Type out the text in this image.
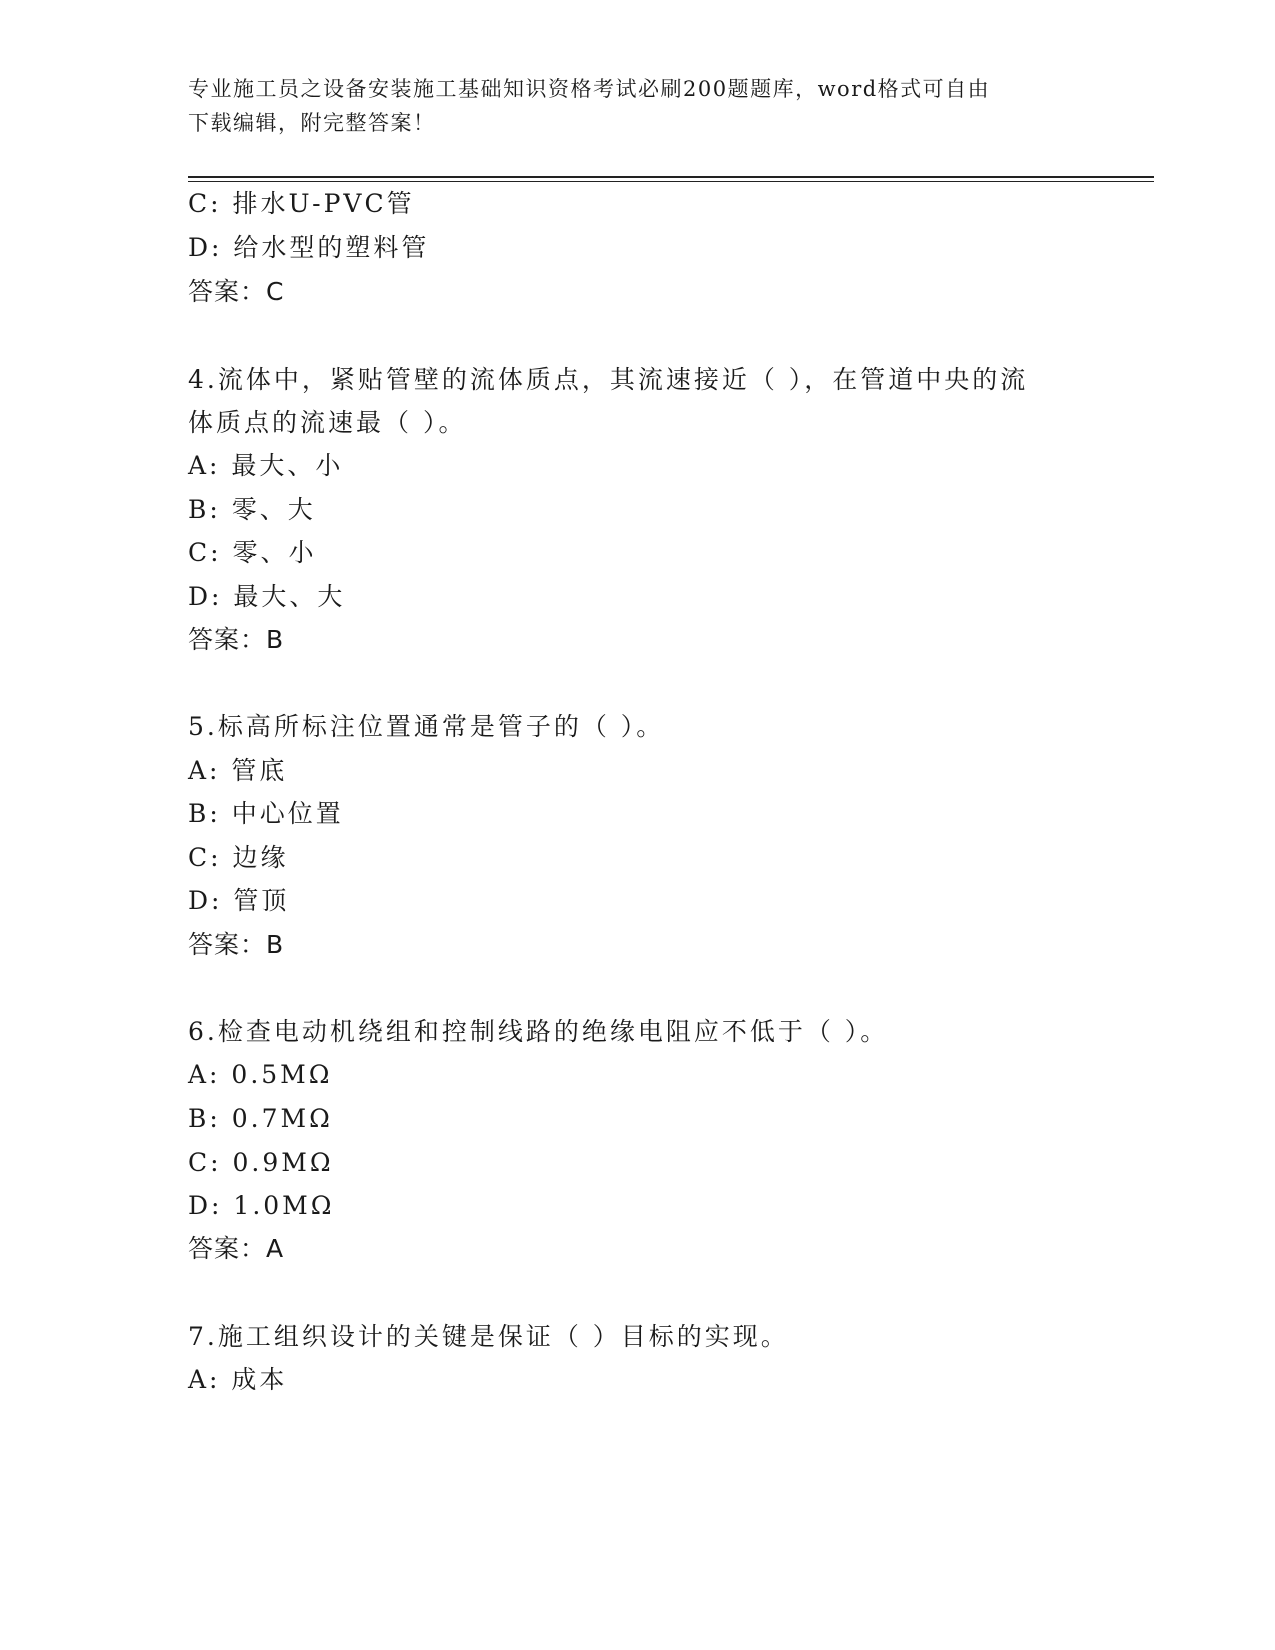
专业施工员之设备安装施工基础知识资格考试必刷200题题库，word格式可自由
下载编辑，附完整答案！
C: 排水U-PVC管
D: 给水型的塑料管
答案：C
4.流体中，紧贴管壁的流体质点，其流速接近（ ），在管道中央的流
体质点的流速最（ ）。
A: 最大、小
B: 零、大
C: 零、小
D: 最大、大
答案：B
5.标高所标注位置通常是管子的（ ）。
A: 管底
B: 中心位置
C: 边缘
D: 管顶
答案：B
6.检查电动机绕组和控制线路的绝缘电阻应不低于（ ）。
A: 0.5MΩ
B: 0.7MΩ
C: 0.9MΩ
D: 1.0MΩ
答案：A
7.施工组织设计的关键是保证（ ）目标的实现。
A: 成本
